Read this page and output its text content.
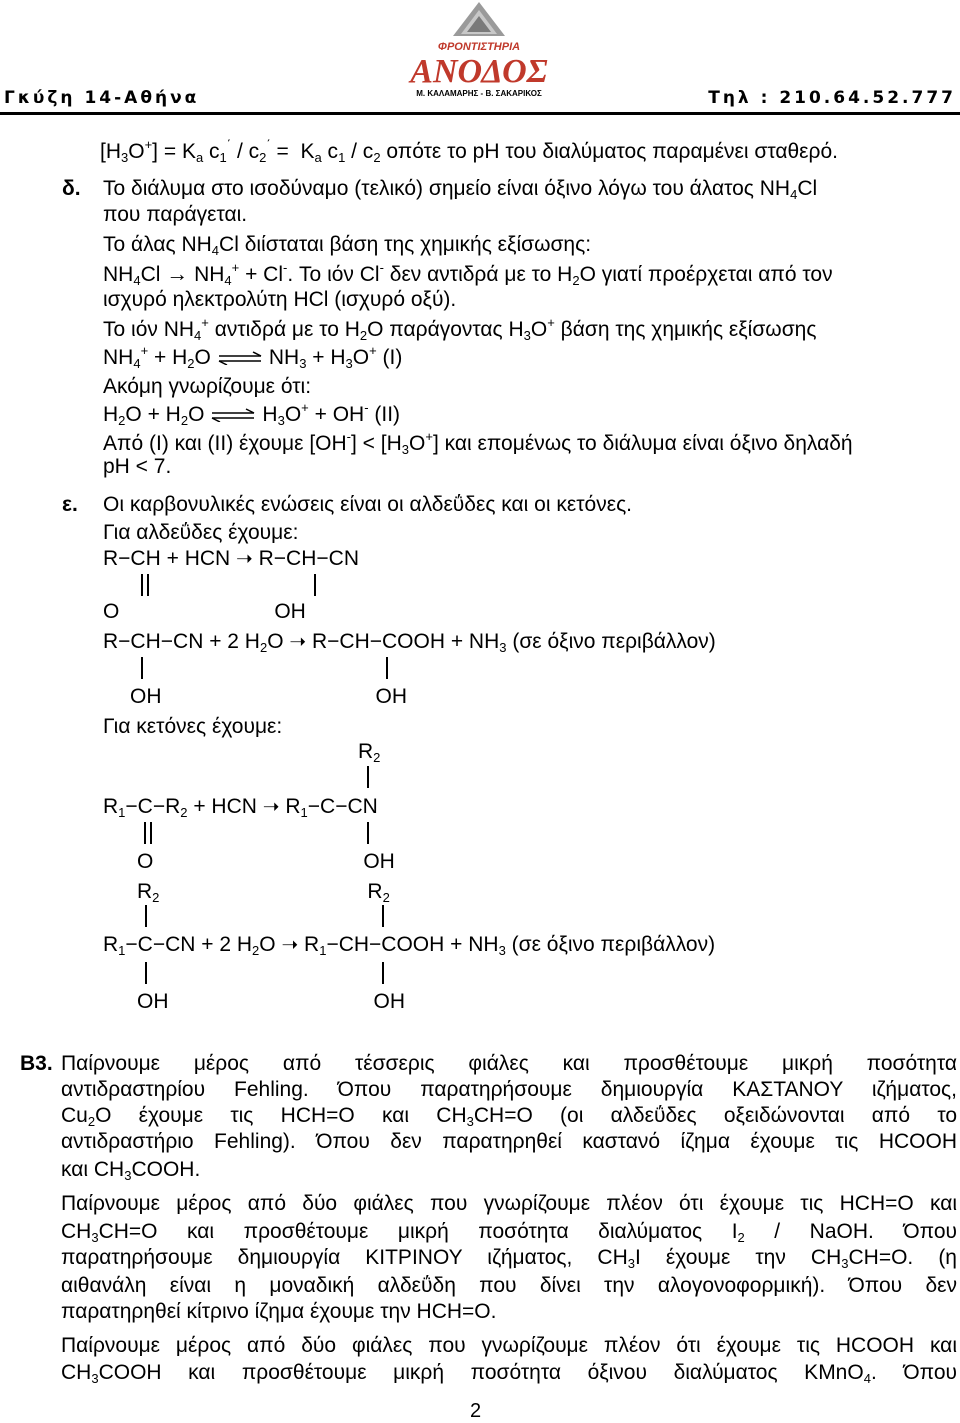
ΦΡΟΝΤΙΣΤΗΡΙΑ
ΑΝΟΔΟΣ
Μ. ΚΑΛΑΜΑΡΗΣ - Β. ΣΑΚΑΡΙΚΟΣ
Γκύζη 14-Αθήνα	Τηλ : 210.64.52.777
$[H_3O^+] = K_a$ $c_1^΄ / c_2^΄ = K_a$ $c_1 / c_2$ οπότε το pH του διαλύματος παραμένει σταθερό.
δ. Το διάλυμα στο ισοδύναμο (τελικό) σημείο είναι όξινο λόγω του άλατος $NH_4Cl$
που παράγεται.
Το άλας $NH_4Cl$ διίσταται βάση της χημικής εξίσωσης:
$NH_4Cl \to NH_4^+ + Cl^-$. Το ιόν Cl- δεν αντιδρά με το $H_2O$ γιατί προέρχεται από τον
ισχυρό ηλεκτρολύτη HCl (ισχυρό οξύ).
Το ιόν $NH_4^+$ αντιδρά με το $H_2O$ παράγοντας $H_3O^+$ βάση της χημικής εξίσωσης
$NH_4^+ + H_2O$ ⇌ $NH_3 + H_3O^+$ (I)
Ακόμη γνωρίζουμε ότι:
$H_2O + H_2O$ ⇌ $H_3O^+ + OH^-$ (II)
Από (I) και (II) έχουμε $[OH^-] < [H_3O^+]$ και επομένως το διάλυμα είναι όξινο δηλαδή
pH < 7.
ε. Οι καρβονυλικές ενώσεις είναι οι αλδεΰδες και οι κετόνες.
Για αλδεΰδες έχουμε:
R−CH + HCN ➝ R−CH−CN
O	OH
R−CH−CN + 2 $H_2O$ ➝ R−CH−COOH + $NH_3$ (σε όξινο περιβάλλον)
OH	OH
Για κετόνες έχουμε:
$R_2$
$R_1-C-R_2$ + HCN ➝ $R_1-C-CN$
O	OH
$R_2$	$R_2$
$R_1-C-CN + 2$ $H_2O$ ➝ $R_1-CH-COOH + NH_3$ (σε όξινο περιβάλλον)
OH	OH
Β3. Παίρνουμε μέρος από τέσσερις φιάλες και προσθέτουμε μικρή ποσότητα
αντιδραστηρίου Fehling. Όπου παρατηρήσουμε δημιουργία ΚΑΣΤΑΝΟΥ ιζήματος,
$Cu_2O$ έχουμε τις HCH=O και $CH_3CH=O$ (οι αλδεΰδες οξειδώνονται από το
αντιδραστήριο Fehling). Όπου δεν παρατηρηθεί καστανό ίζημα έχουμε τις HCOOH
και $CH_3COOH$.
Παίρνουμε μέρος από δύο φιάλες που γνωρίζουμε πλέον ότι έχουμε τις HCH=O και
$CH_3CH=O$ και προσθέτουμε μικρή ποσότητα διαλύματος $I_2$ / NaOH. Όπου
παρατηρήσουμε δημιουργία ΚΙΤΡΙΝΟΥ ιζήματος, $CH_3I$ έχουμε την $CH_3CH=O$. (η
αιθανάλη είναι η μοναδική αλδεΰδη που δίνει την αλογονοφορμική). Όπου δεν
παρατηρηθεί κίτρινο ίζημα έχουμε την HCH=O.
Παίρνουμε μέρος από δύο φιάλες που γνωρίζουμε πλέον ότι έχουμε τις HCOOH και
$CH_3COOH$ και προσθέτουμε μικρή ποσότητα όξινου διαλύματος KMnO$_4$. Όπου
2
